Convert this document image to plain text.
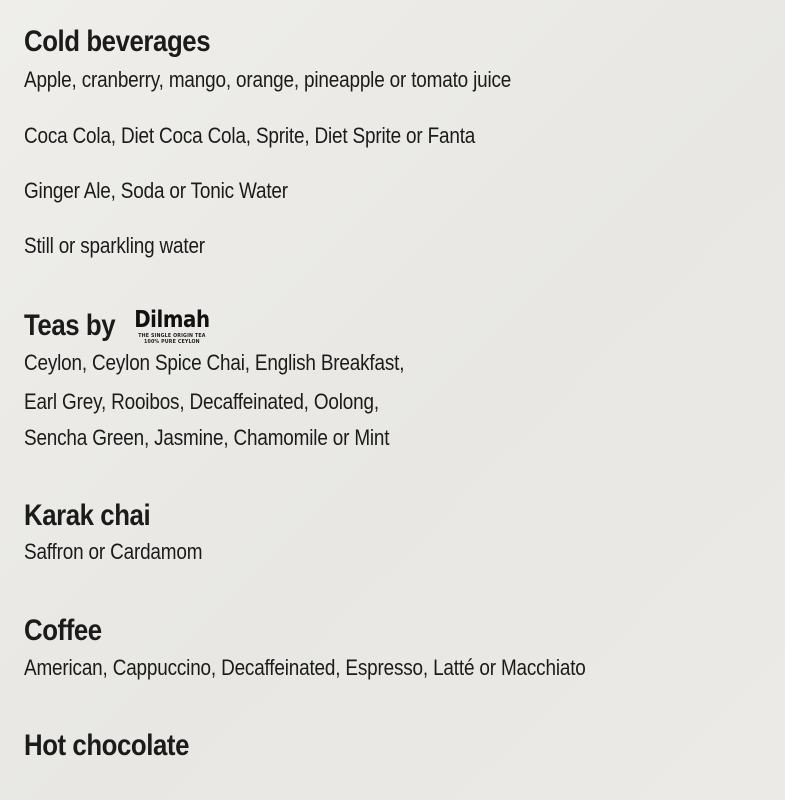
Cold beverages
Apple, cranberry, mango, orange, pineapple or tomato juice
Coca Cola, Diet Coca Cola, Sprite, Diet Sprite or Fanta
Ginger Ale, Soda or Tonic Water
Still or sparkling water
Teas by Dilmah
THE SINGLE ORIGIN TEA
100% PURE CEYLON
Ceylon, Ceylon Spice Chai, English Breakfast,
Earl Grey, Rooibos, Decaffeinated, Oolong,
Sencha Green, Jasmine, Chamomile or Mint
Karak chai
Saffron or Cardamom
Coffee
American, Cappuccino, Decaffeinated, Espresso, Latté or Macchiato
Hot chocolate
